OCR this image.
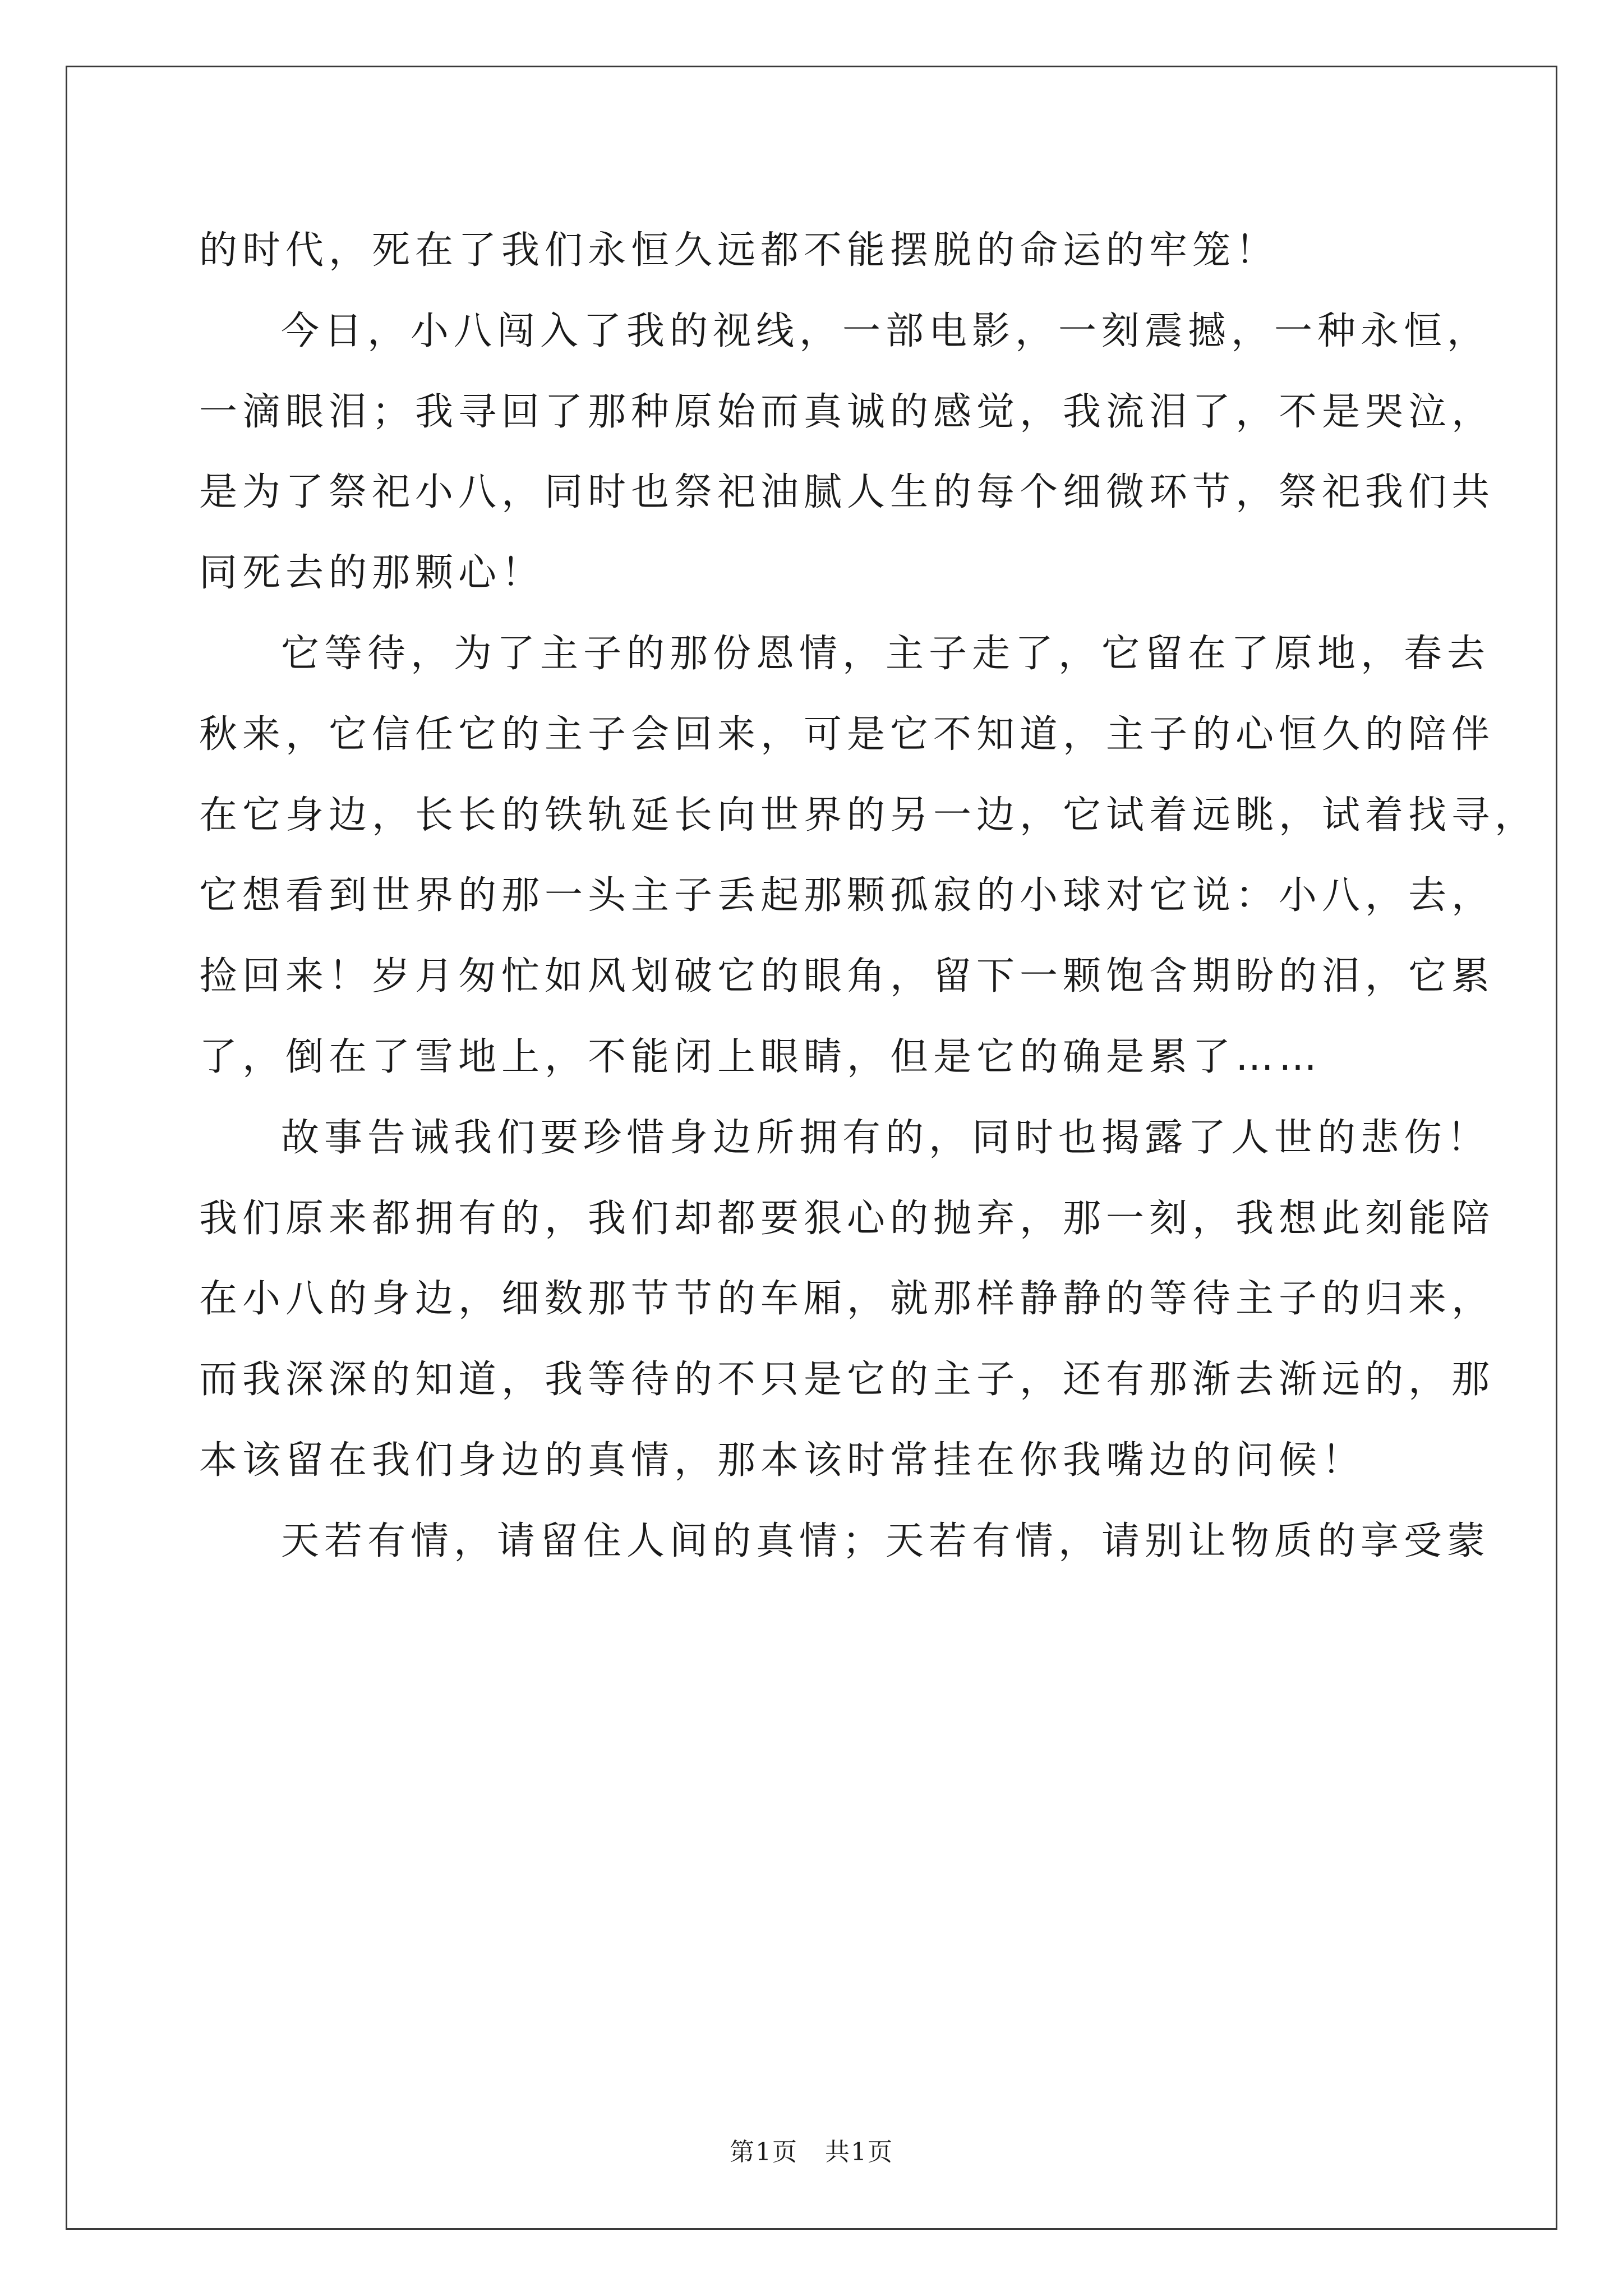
的时代，死在了我们永恒久远都不能摆脱的命运的牢笼！
今日，小八闯入了我的视线，一部电影，一刻震撼，一种永恒，
一滴眼泪；我寻回了那种原始而真诚的感觉，我流泪了，不是哭泣，
是为了祭祀小八，同时也祭祀油腻人生的每个细微环节，祭祀我们共
同死去的那颗心！
它等待，为了主子的那份恩情，主子走了，它留在了原地，春去
秋来，它信任它的主子会回来，可是它不知道，主子的心恒久的陪伴
在它身边，长长的铁轨延长向世界的另一边，它试着远眺，试着找寻，
它想看到世界的那一头主子丢起那颗孤寂的小球对它说：小八，去，
捡回来！岁月匆忙如风划破它的眼角，留下一颗饱含期盼的泪，它累
了，倒在了雪地上，不能闭上眼睛，但是它的确是累了……
故事告诫我们要珍惜身边所拥有的，同时也揭露了人世的悲伤！
我们原来都拥有的，我们却都要狠心的抛弃，那一刻，我想此刻能陪
在小八的身边，细数那节节的车厢，就那样静静的等待主子的归来，
而我深深的知道，我等待的不只是它的主子，还有那渐去渐远的，那
本该留在我们身边的真情，那本该时常挂在你我嘴边的问候！
天若有情，请留住人间的真情；天若有情，请别让物质的享受蒙
第1页 共1页
